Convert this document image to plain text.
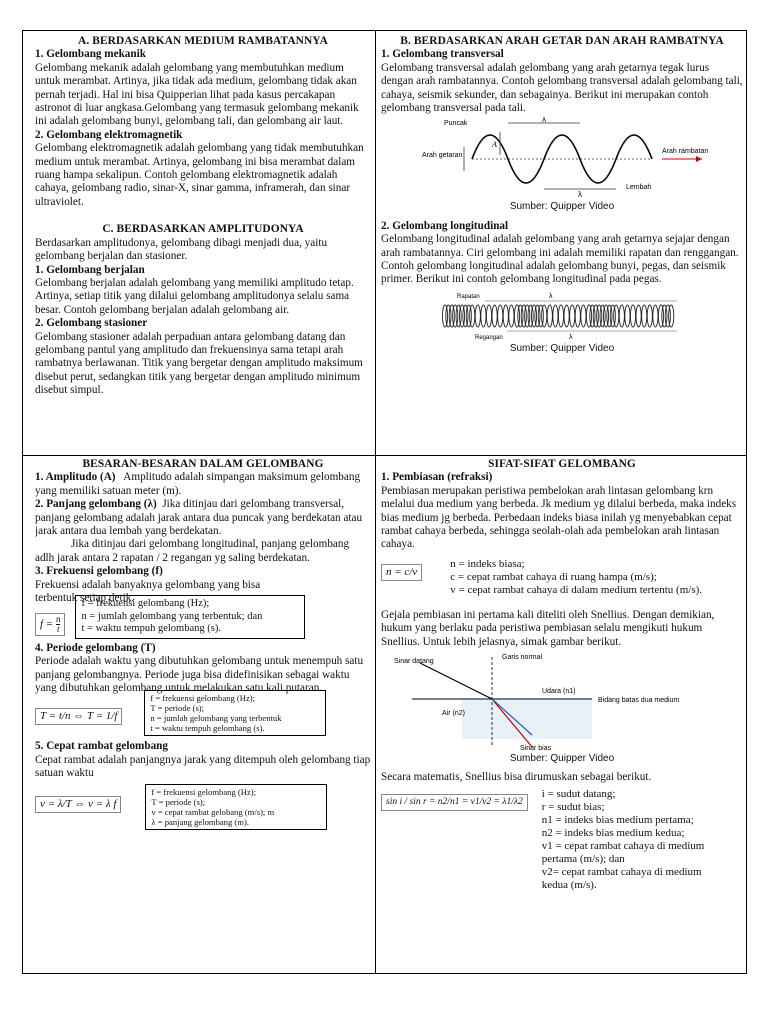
A. BERDASARKAN MEDIUM RAMBATANNYA

1. Gelombang mekanik

Gelombang mekanik adalah gelombang yang membutuhkan medium untuk merambat. Artinya, jika tidak ada medium, gelombang tidak akan pernah terjadi. Hal ini bisa Quipperian lihat pada kasus percakapan astronot di luar angkasa.Gelombang yang termasuk gelombang mekanik ini adalah gelombang bunyi, gelombang tali, dan gelombang air laut.

2. Gelombang elektromagnetik

Gelombang elektromagnetik adalah gelombang yang tidak membutuhkan medium untuk merambat. Artinya, gelombang ini bisa merambat dalam ruang hampa sekalipun. Contoh gelombang elektromagnetik adalah cahaya, gelombang radio, sinar-X, sinar gamma, inframerah, dan sinar ultraviolet.

C. BERDASARKAN AMPLITUDONYA

Berdasarkan amplitudonya, gelombang dibagi menjadi dua, yaitu gelombang berjalan dan stasioner.

1. Gelombang berjalan

Gelombang berjalan adalah gelombang yang memiliki amplitudo tetap. Artinya, setiap titik yang dilalui gelombang amplitudonya selalu sama besar. Contoh gelombang berjalan adalah gelombang air.

2. Gelombang stasioner

Gelombang stasioner adalah perpaduan antara gelombang datang dan gelombang pantul yang amplitudo dan frekuensinya sama tetapi arah rambatnya berlawanan. Titik yang bergetar dengan amplitudo maksimum disebut perut, sedangkan titik yang bergetar dengan amplitudo minimum disebut simpul.

B. BERDASARKAN ARAH GETAR DAN ARAH RAMBATNYA

1. Gelombang transversal

Gelombang transversal adalah gelombang yang arah getarnya tegak lurus dengan arah rambatannya. Contoh gelombang transversal adalah gelombang tali, cahaya, seismik sekunder, dan sebagainya. Berikut ini merupakan contoh gelombang transversal pada tali.

Puncak
Arah getaran
Arah rambatan
Lembah
λ
λ
A
Sumber: Quipper Video

2. Gelombang longitudinal

Gelombang longitudinal adalah gelombang yang arah getarnya sejajar dengan arah rambatannya. Ciri gelombang ini adalah memiliki rapatan dan renggangan. Contoh gelombang longitudinal adalah gelombang bunyi, pegas, dan seismik primer. Berikut ini contoh gelombang longitudinal pada pegas.

Rapatan
Regangan
λ
λ
Sumber: Quipper Video
BESARAN-BESARAN DALAM GELOMBANG

1. Amplitudo (A) Amplitudo adalah simpangan maksimum gelombang yang memiliki satuan meter (m).

2. Panjang gelombang (λ) Jika ditinjau dari gelombang transversal, panjang gelombang adalah jarak antara dua puncak yang berdekatan atau jarak antara dua lembah yang berdekatan.

Jika ditinjau dari gelombang longitudinal, panjang gelombang adlh jarak antara 2 rapatan / 2 regangan yg saling berdekatan.

3. Frekuensi gelombang (f)

Frekuensi adalah banyaknya gelombang yang bisa terbentuk setiap detik.

$f = \frac{n}{t}$
f = frekuensi gelombang (Hz);
n = jumlah gelombang yang terbentuk; dan
t = waktu tempuh gelombang (s).

4. Periode gelombang (T)

Periode adalah waktu yang dibutuhkan gelombang untuk menempuh satu panjang gelombangnya. Periode juga bisa didefinisikan sebagai waktu yang dibutuhkan gelombang untuk melakukan satu kali putaran.

T = t/n ⇔ T = 1/f
f = frekuensi gelombang (Hz);
T = periode (s);
n = jumlah gelombang yang terbentuk
t = waktu tempuh gelombang (s).

5. Cepat rambat gelombang

Cepat rambat adalah panjangnya jarak yang ditempuh oleh gelombang tiap satuan waktu

v = λ/T ⇔ v = λ f
f = frekuensi gelombang (Hz);
T = periode (s);
v = cepat rambat gelobang (m/s); m
λ = panjang gelombang (m).
SIFAT-SIFAT GELOMBANG

1. Pembiasan (refraksi)

Pembiasan merupakan peristiwa pembelokan arah lintasan gelombang krn melalui dua medium yang berbeda. Jk medium yg dilalui berbeda, maka indeks bias medium jg berbeda. Perbedaan indeks biasa inilah yg menyebabkan cepat rambat cahaya berbeda, sehingga seolah-olah ada pembelokan arah lintasan cahaya.

n = c/v
n = indeks biasa;
c = cepat rambat cahaya di ruang hampa (m/s);
v = cepat rambat cahaya di dalam medium tertentu (m/s).

Gejala pembiasan ini pertama kali diteliti oleh Snellius. Dengan demikian, hukum yang berlaku pada peristiwa pembiasan selalu mengikuti hukum Snellius. Untuk lebih jelasnya, simak gambar berikut.

Garis normal
Sinar datang
Udara (n1)
Bidang batas dua medium
Air (n2)
Sinar bias
Sumber: Quipper Video

Secara matematis, Snellius bisa dirumuskan sebagai berikut.

sin i / sin r = n2/n1 = v1/v2 = λ1/λ2
i = sudut datang;
r = sudut bias;
n1 = indeks bias medium pertama;
n2 = indeks bias medium kedua;
v1 = cepat rambat cahaya di medium pertama (m/s); dan
v2= cepat rambat cahaya di medium kedua (m/s).
